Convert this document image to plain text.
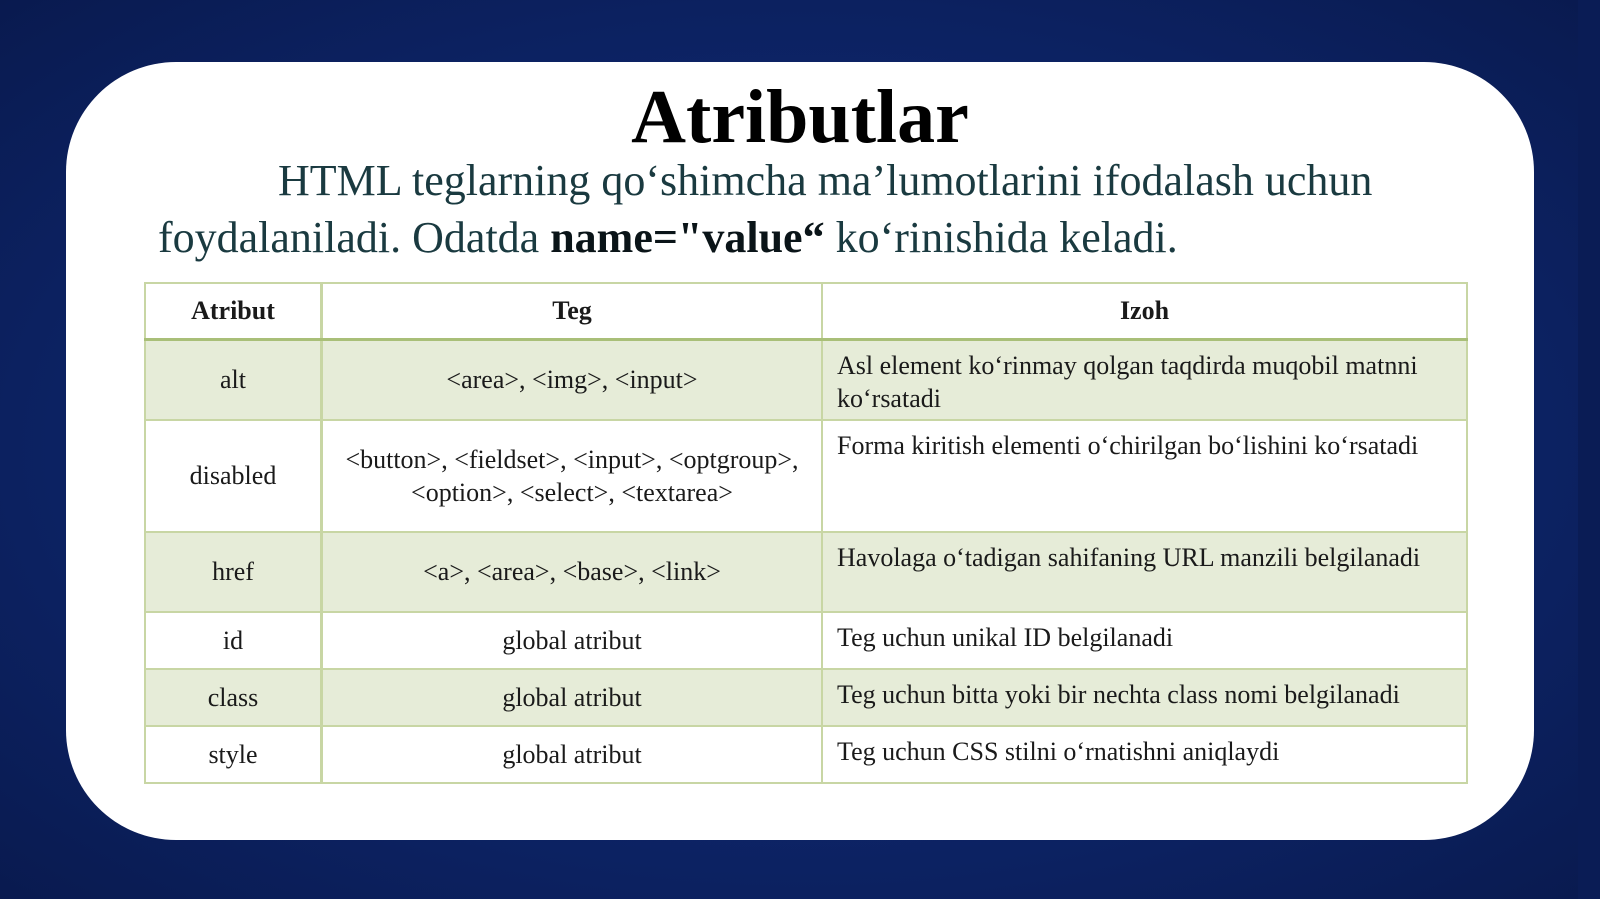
Atributlar
HTML teglarning qo‘shimcha ma’lumotlarini ifodalash uchun foydalaniladi. Odatda name="value“ ko‘rinishida keladi.
Atribut	Teg	Izoh
alt	<area>, <img>, <input>	Asl element ko‘rinmay qolgan taqdirda muqobil matnni ko‘rsatadi
disabled	<button>, <fieldset>, <input>, <optgroup>, <option>, <select>, <textarea>	Forma kiritish elementi o‘chirilgan bo‘lishini ko‘rsatadi
href	<a>, <area>, <base>, <link>	Havolaga o‘tadigan sahifaning URL manzili belgilanadi
id	global atribut	Teg uchun unikal ID belgilanadi
class	global atribut	Teg uchun bitta yoki bir nechta class nomi belgilanadi
style	global atribut	Teg uchun CSS stilni o‘rnatishni aniqlaydi
